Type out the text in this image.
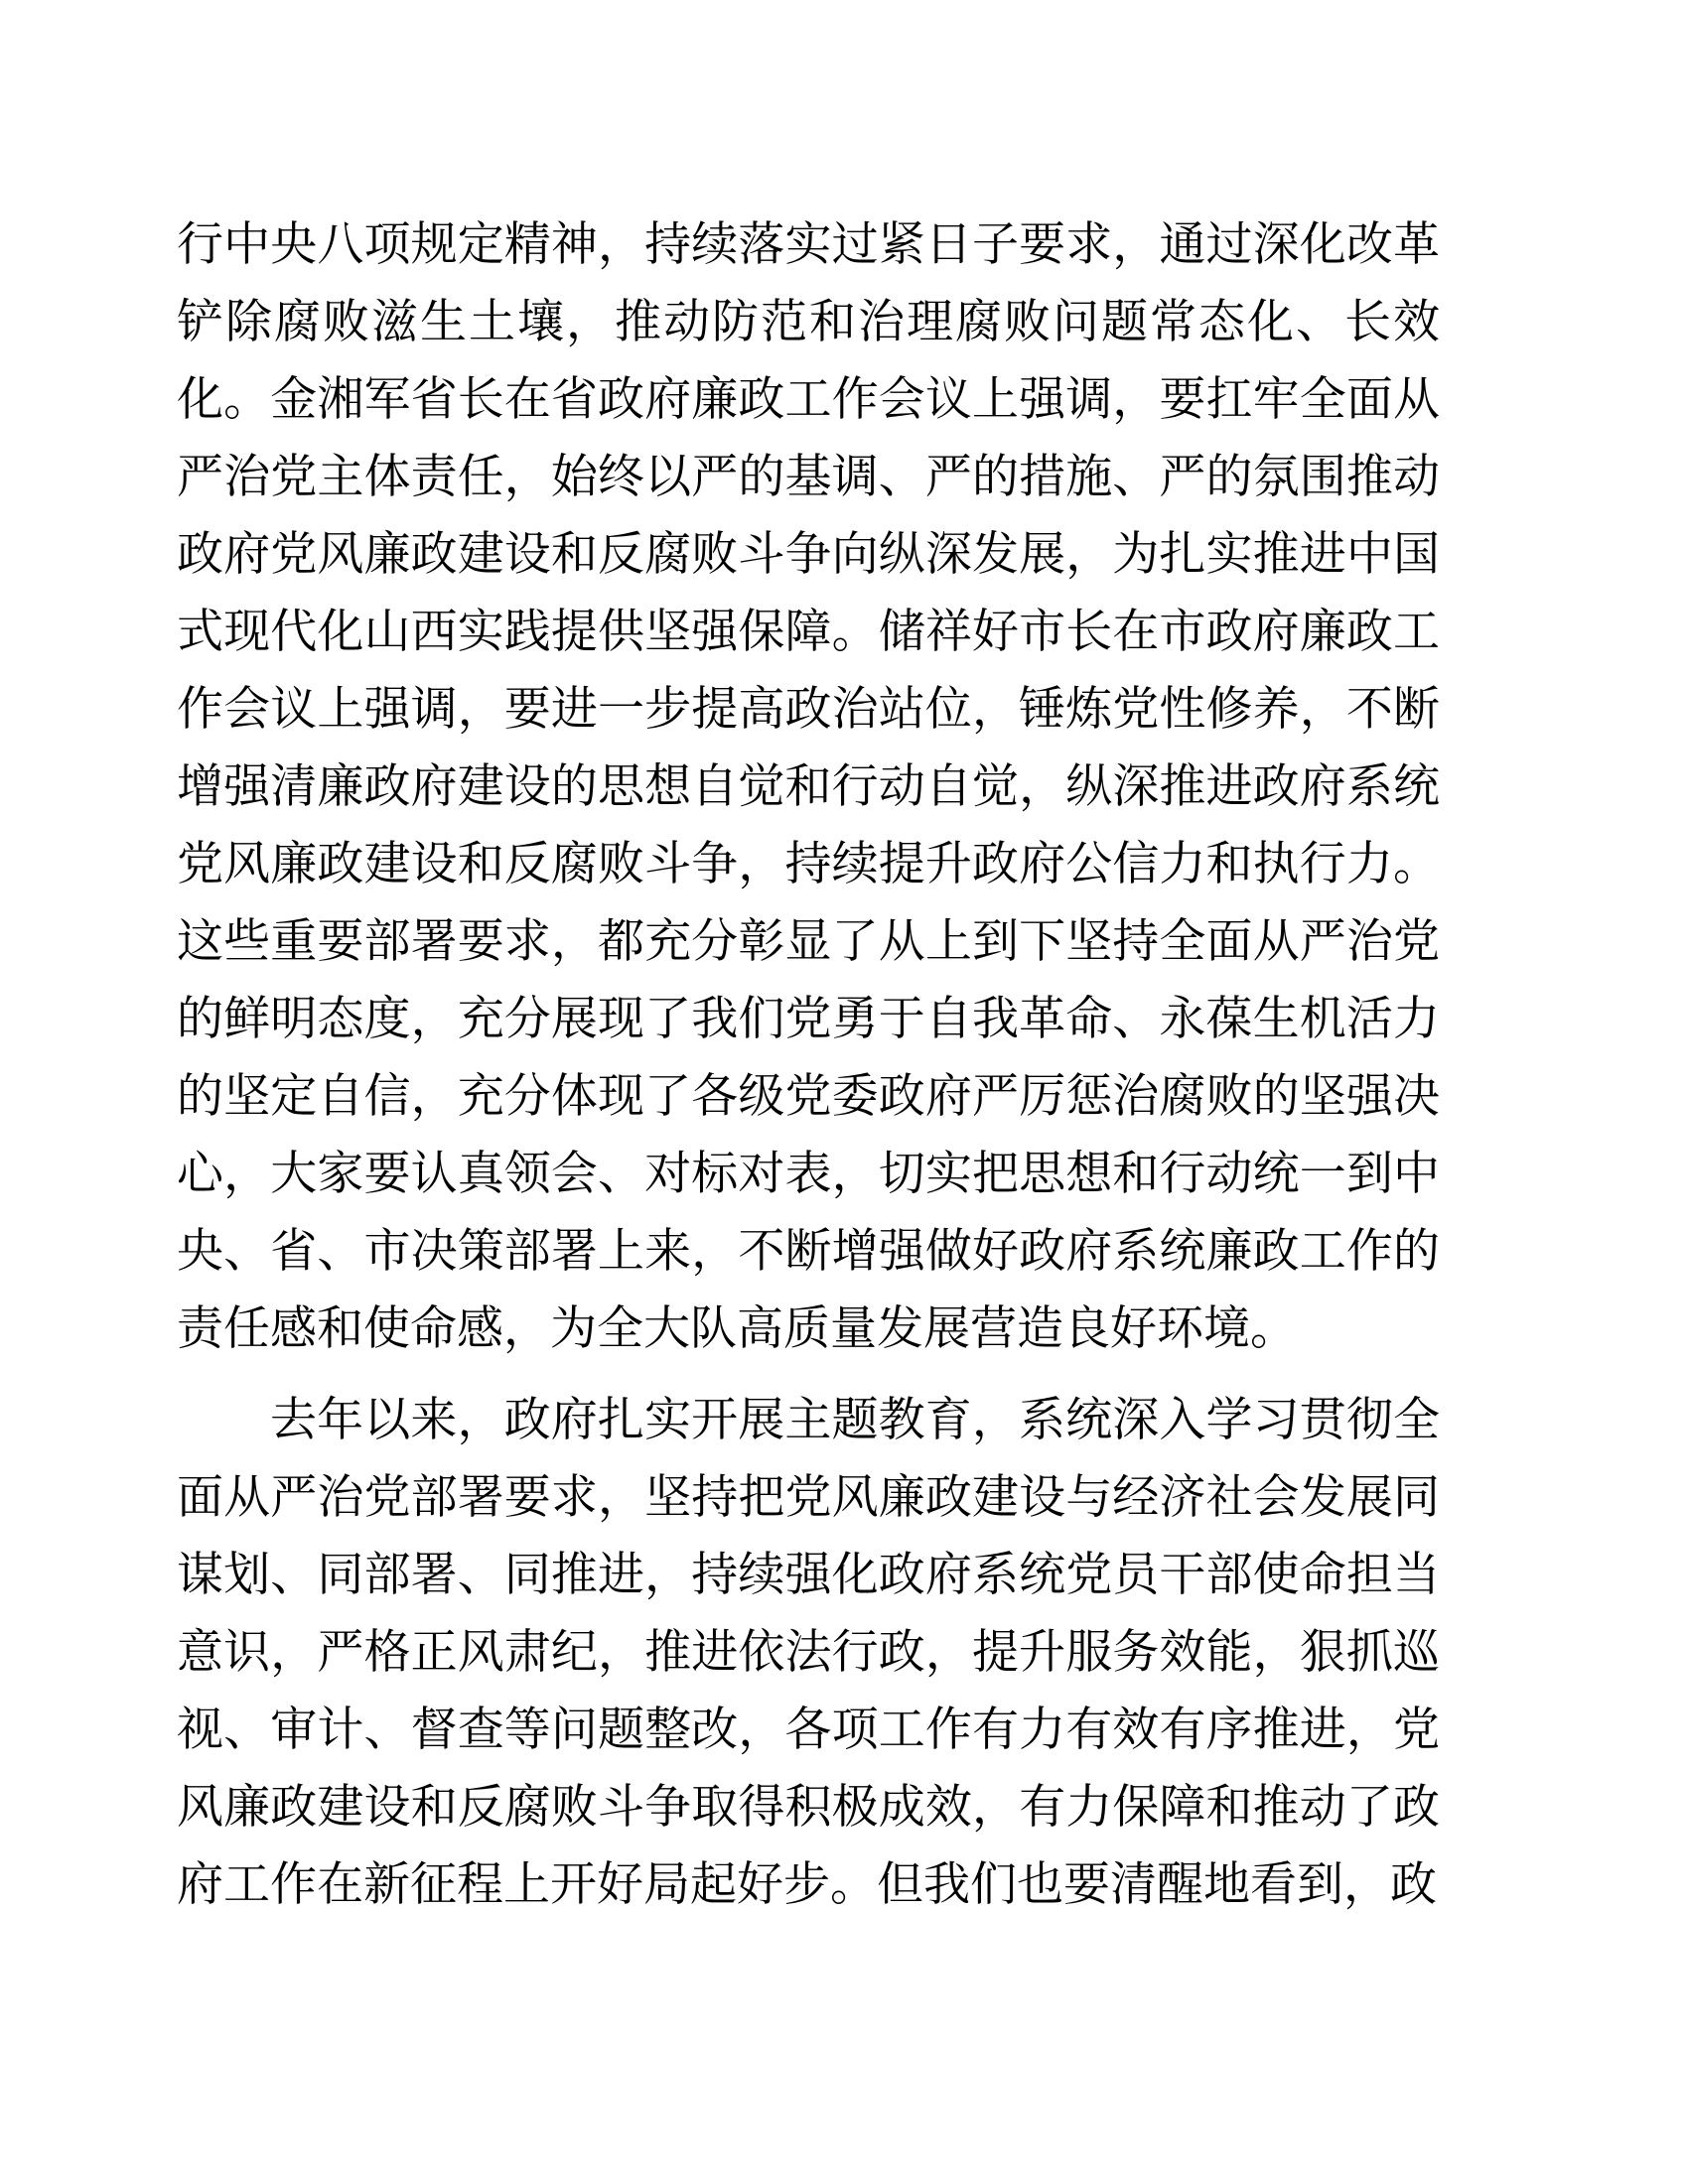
行中央八项规定精神，持续落实过紧日子要求，通过深化改革
铲除腐败滋生土壤，推动防范和治理腐败问题常态化、长效
化。金湘军省长在省政府廉政工作会议上强调，要扛牢全面从
严治党主体责任，始终以严的基调、严的措施、严的氛围推动
政府党风廉政建设和反腐败斗争向纵深发展，为扎实推进中国
式现代化山西实践提供坚强保障。储祥好市长在市政府廉政工
作会议上强调，要进一步提高政治站位，锤炼党性修养，不断
增强清廉政府建设的思想自觉和行动自觉，纵深推进政府系统
党风廉政建设和反腐败斗争，持续提升政府公信力和执行力。
这些重要部署要求，都充分彰显了从上到下坚持全面从严治党
的鲜明态度，充分展现了我们党勇于自我革命、永葆生机活力
的坚定自信，充分体现了各级党委政府严厉惩治腐败的坚强决
心，大家要认真领会、对标对表，切实把思想和行动统一到中
央、省、市决策部署上来，不断增强做好政府系统廉政工作的
责任感和使命感，为全大队高质量发展营造良好环境。
去年以来，政府扎实开展主题教育，系统深入学习贯彻全
面从严治党部署要求，坚持把党风廉政建设与经济社会发展同
谋划、同部署、同推进，持续强化政府系统党员干部使命担当
意识，严格正风肃纪，推进依法行政，提升服务效能，狠抓巡
视、审计、督查等问题整改，各项工作有力有效有序推进，党
风廉政建设和反腐败斗争取得积极成效，有力保障和推动了政
府工作在新征程上开好局起好步。但我们也要清醒地看到，政
